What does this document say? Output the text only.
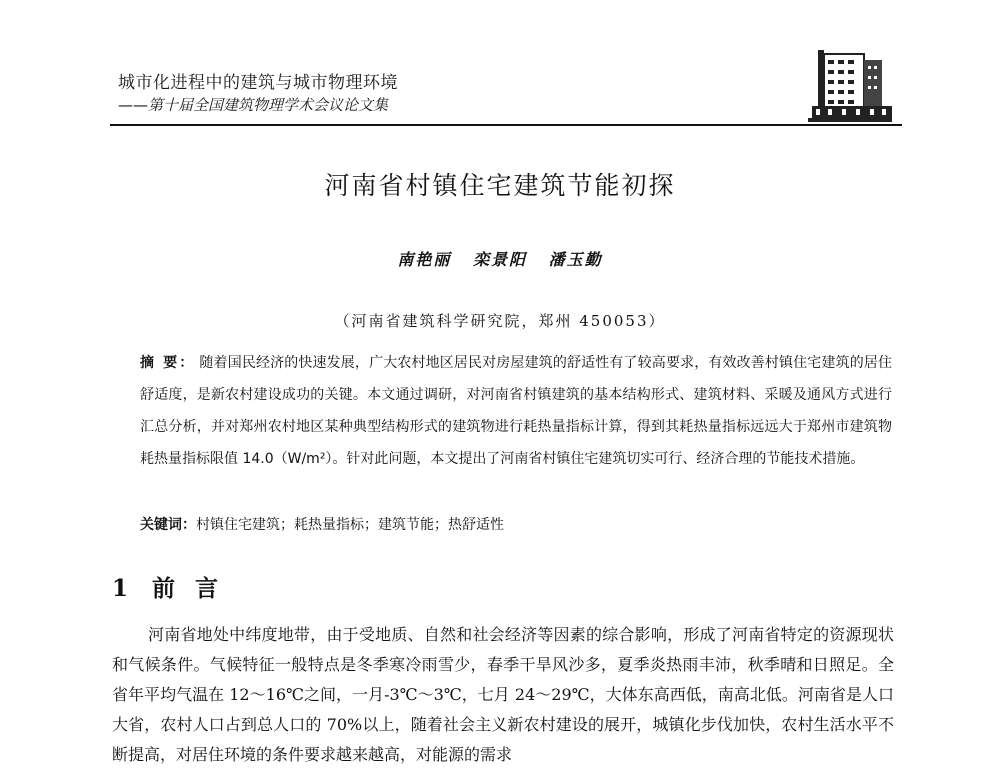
城市化进程中的建筑与城市物理环境
——第十届全国建筑物理学术会议论文集
河南省村镇住宅建筑节能初探
南艳丽 栾景阳 潘玉勤
（河南省建筑科学研究院，郑州 450053）
摘 要： 随着国民经济的快速发展，广大农村地区居民对房屋建筑的舒适性有了较高要求，有效改善村镇住宅建筑的居住舒适度，是新农村建设成功的关键。本文通过调研，对河南省村镇建筑的基本结构形式、建筑材料、采暖及通风方式进行汇总分析，并对郑州农村地区某种典型结构形式的建筑物进行耗热量指标计算，得到其耗热量指标远远大于郑州市建筑物耗热量指标限值 14.0（W/m²）。针对此问题，本文提出了河南省村镇住宅建筑切实可行、经济合理的节能技术措施。
关键词：村镇住宅建筑；耗热量指标；建筑节能；热舒适性
1 前 言
河南省地处中纬度地带，由于受地质、自然和社会经济等因素的综合影响，形成了河南省特定的资源现状和气候条件。气候特征一般特点是冬季寒冷雨雪少，春季干旱风沙多，夏季炎热雨丰沛，秋季晴和日照足。全省年平均气温在 12～16℃之间，一月-3℃～3℃，七月 24～29℃，大体东高西低，南高北低。河南省是人口大省，农村人口占到总人口的 70%以上，随着社会主义新农村建设的展开，城镇化步伐加快，农村生活水平不断提高，对居住环境的条件要求越来越高，对能源的需求
